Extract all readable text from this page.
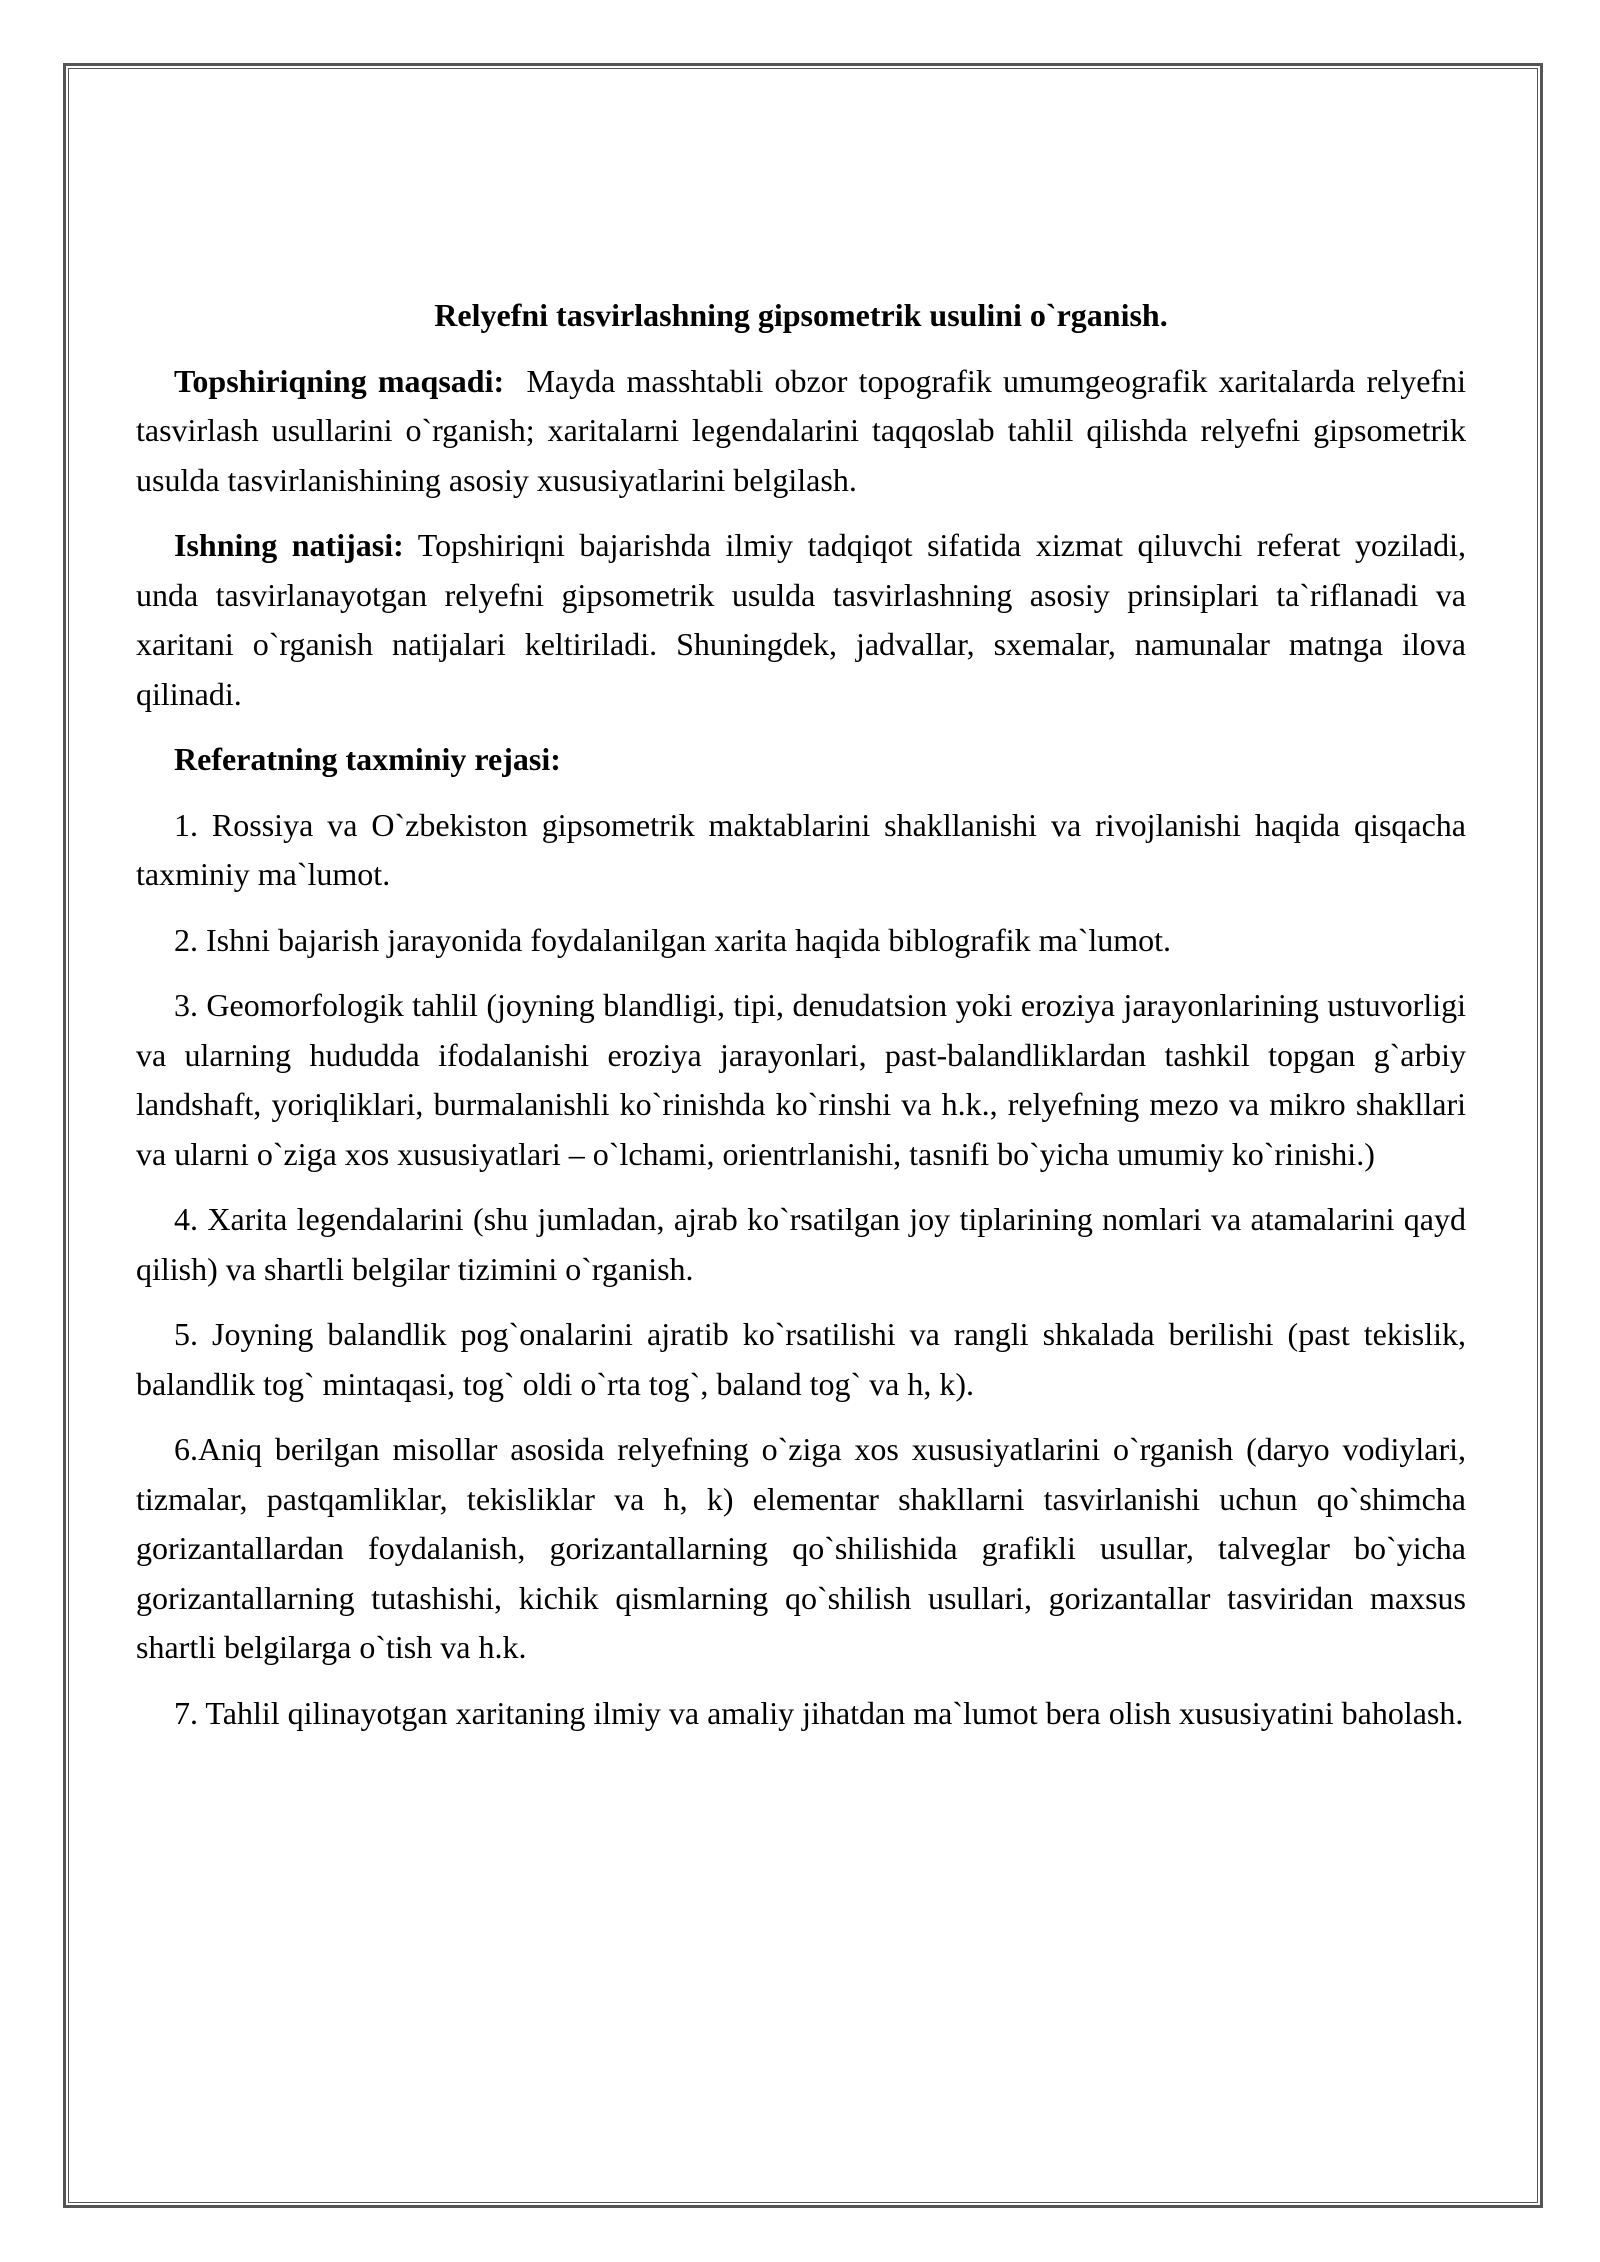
Relyefni tasvirlashning gipsometrik usulini o`rganish.

Topshiriqning maqsadi: Mayda masshtabli obzor topografik umumgeografik xaritalarda relyefni tasvirlash usullarini o`rganish; xaritalarni legendalarini taqqoslab tahlil qilishda relyefni gipsometrik usulda tasvirlanishining asosiy xususiyatlarini belgilash.

Ishning natijasi: Topshiriqni bajarishda ilmiy tadqiqot sifatida xizmat qiluvchi referat yoziladi, unda tasvirlanayotgan relyefni gipsometrik usulda tasvirlashning asosiy prinsiplari ta`riflanadi va xaritani o`rganish natijalari keltiriladi. Shuningdek, jadvallar, sxemalar, namunalar matnga ilova qilinadi.

Referatning taxminiy rejasi:

1. Rossiya va O`zbekiston gipsometrik maktablarini shakllanishi va rivojlanishi haqida qisqacha taxminiy ma`lumot.

2. Ishni bajarish jarayonida foydalanilgan xarita haqida biblografik ma`lumot.

3. Geomorfologik tahlil (joyning blandligi, tipi, denudatsion yoki eroziya jarayonlarining ustuvorligi va ularning hududda ifodalanishi eroziya jarayonlari, past-balandliklardan tashkil topgan g`arbiy landshaft, yoriqliklari, burmalanishli ko`rinishda ko`rinshi va h.k., relyefning mezo va mikro shakllari va ularni o`ziga xos xususiyatlari – o`lchami, orientrlanishi, tasnifi bo`yicha umumiy ko`rinishi.)

4. Xarita legendalarini (shu jumladan, ajrab ko`rsatilgan joy tiplarining nomlari va atamalarini qayd qilish) va shartli belgilar tizimini o`rganish.

5. Joyning balandlik pog`onalarini ajratib ko`rsatilishi va rangli shkalada berilishi (past tekislik, balandlik tog` mintaqasi, tog` oldi o`rta tog`, baland tog` va h, k).

6.Aniq berilgan misollar asosida relyefning o`ziga xos xususiyatlarini o`rganish (daryo vodiylari, tizmalar, pastqamliklar, tekisliklar va h, k) elementar shakllarni tasvirlanishi uchun qo`shimcha gorizantallardan foydalanish, gorizantallarning qo`shilishida grafikli usullar, talveglar bo`yicha gorizantallarning tutashishi, kichik qismlarning qo`shilish usullari, gorizantallar tasviridan maxsus shartli belgilarga o`tish va h.k.

7. Tahlil qilinayotgan xaritaning ilmiy va amaliy jihatdan ma`lumot bera olish xususiyatini baholash.
